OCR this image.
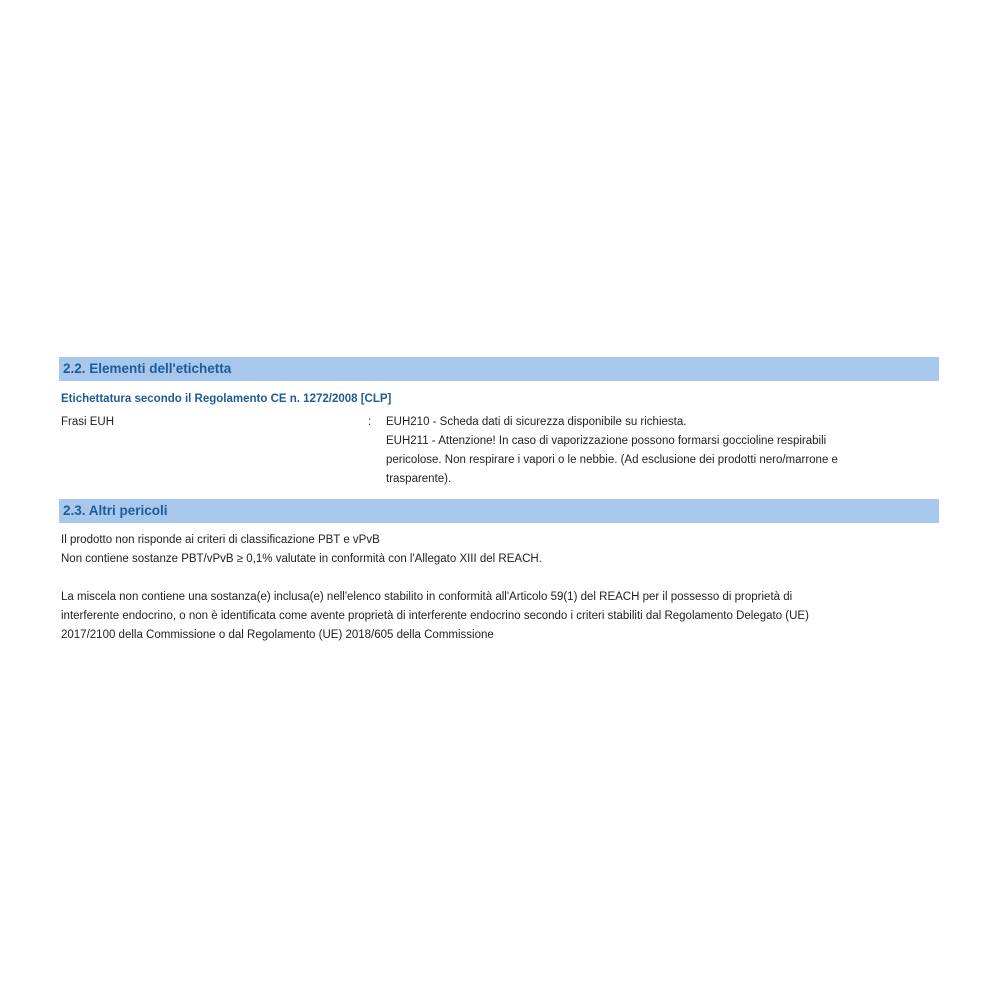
2.2. Elementi dell'etichetta
Etichettatura secondo il Regolamento CE n. 1272/2008 [CLP]
Frasi EUH	:	EUH210 - Scheda dati di sicurezza disponibile su richiesta.
EUH211 - Attenzione! In caso di vaporizzazione possono formarsi goccioline respirabili
pericolose. Non respirare i vapori o le nebbie. (Ad esclusione dei prodotti nero/marrone e
trasparente).
2.3. Altri pericoli
Il prodotto non risponde ai criteri di classificazione PBT e vPvB
Non contiene sostanze PBT/vPvB ≥ 0,1% valutate in conformità con l'Allegato XIII del REACH.
La miscela non contiene una sostanza(e) inclusa(e) nell'elenco stabilito in conformità all'Articolo 59(1) del REACH per il possesso di proprietà di
interferente endocrino, o non è identificata come avente proprietà di interferente endocrino secondo i criteri stabiliti dal Regolamento Delegato (UE)
2017/2100 della Commissione o dal Regolamento (UE) 2018/605 della Commissione
